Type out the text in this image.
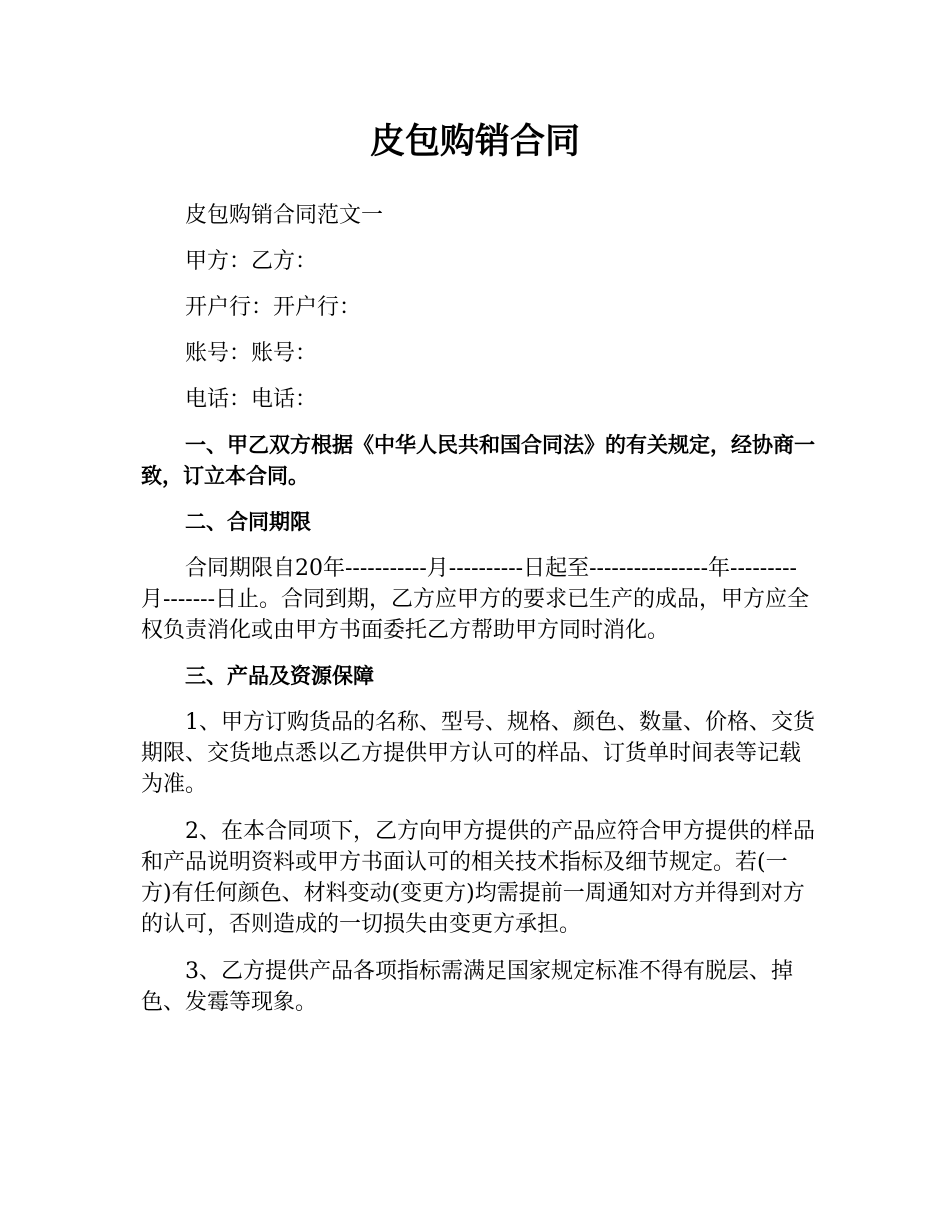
皮包购销合同

皮包购销合同范文一

甲方：乙方：

开户行：开户行：

账号：账号：

电话：电话：

一、甲乙双方根据《中华人民共和国合同法》的有关规定，经协商一致，订立本合同。

二、合同期限

合同期限自20年-----------月----------日起至----------------年---------月-------日止。合同到期，乙方应甲方的要求已生产的成品，甲方应全权负责消化或由甲方书面委托乙方帮助甲方同时消化。

三、产品及资源保障

1、甲方订购货品的名称、型号、规格、颜色、数量、价格、交货期限、交货地点悉以乙方提供甲方认可的样品、订货单时间表等记载为准。

2、在本合同项下，乙方向甲方提供的产品应符合甲方提供的样品和产品说明资料或甲方书面认可的相关技术指标及细节规定。若(一方)有任何颜色、材料变动(变更方)均需提前一周通知对方并得到对方的认可，否则造成的一切损失由变更方承担。

3、乙方提供产品各项指标需满足国家规定标准不得有脱层、掉色、发霉等现象。
